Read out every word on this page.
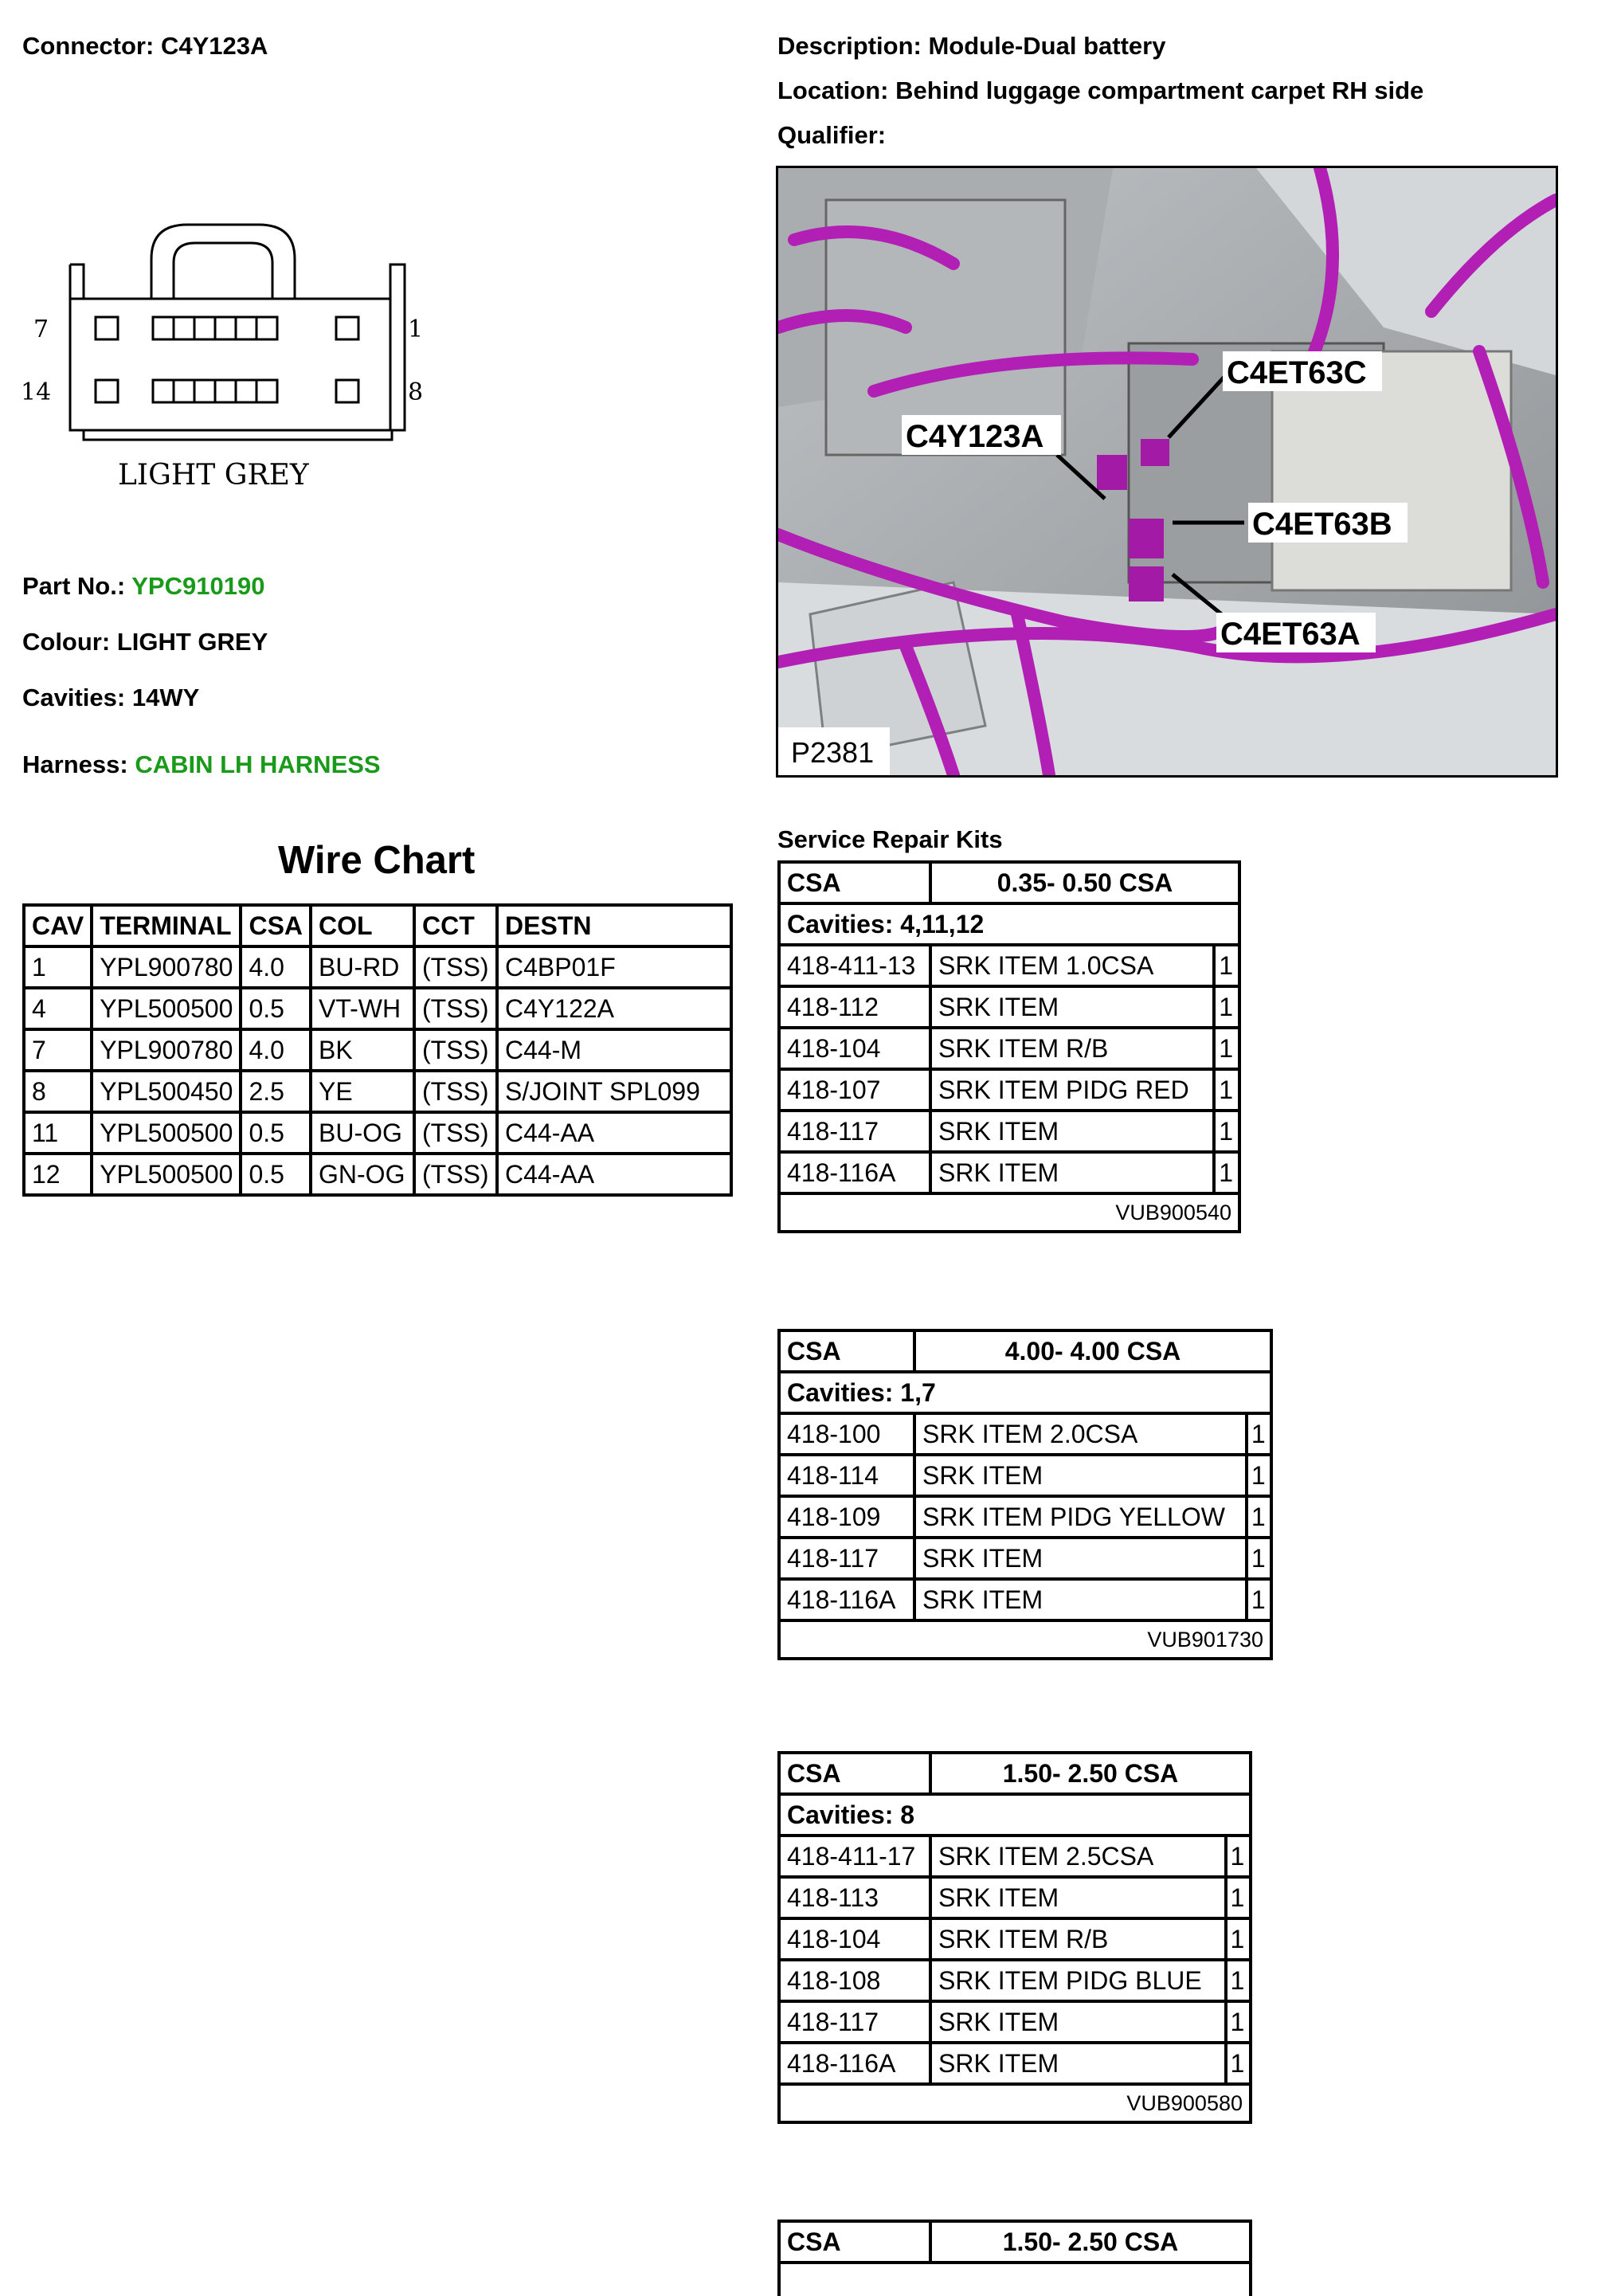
Connector: C4Y123A	Description: Module-Dual battery
Location: Behind luggage compartment carpet RH side
Qualifier:
7	1
14	8
LIGHT GREY
Part No.: YPC910190
Colour: LIGHT GREY
Cavities: 14WY
Harness: CABIN LH HARNESS
C4ET63C
C4Y123A
C4ET63B
C4ET63A
P2381
Wire Chart
CAV	TERMINAL	CSA	COL	CCT	DESTN
1	YPL900780	4.0	BU-RD	(TSS)	C4BP01F
4	YPL500500	0.5	VT-WH	(TSS)	C4Y122A
7	YPL900780	4.0	BK	(TSS)	C44-M
8	YPL500450	2.5	YE	(TSS)	S/JOINT SPL099
11	YPL500500	0.5	BU-OG	(TSS)	C44-AA
12	YPL500500	0.5	GN-OG	(TSS)	C44-AA
Service Repair Kits
CSA	0.35- 0.50 CSA	
Cavities: 4,11,12		
418-411-13	SRK ITEM 1.0CSA	1
418-112	SRK ITEM	1
418-104	SRK ITEM R/B	1
418-107	SRK ITEM PIDG RED	1
418-117	SRK ITEM	1
418-116A	SRK ITEM	1
VUB900540		
CSA	4.00- 4.00 CSA	
Cavities: 1,7		
418-100	SRK ITEM 2.0CSA	1
418-114	SRK ITEM	1
418-109	SRK ITEM PIDG YELLOW	1
418-117	SRK ITEM	1
418-116A	SRK ITEM	1
VUB901730		
CSA	1.50- 2.50 CSA	
Cavities: 8		
418-411-17	SRK ITEM 2.5CSA	1
418-113	SRK ITEM	1
418-104	SRK ITEM R/B	1
418-108	SRK ITEM PIDG BLUE	1
418-117	SRK ITEM	1
418-116A	SRK ITEM	1
VUB900580		
CSA	1.50- 2.50 CSA
